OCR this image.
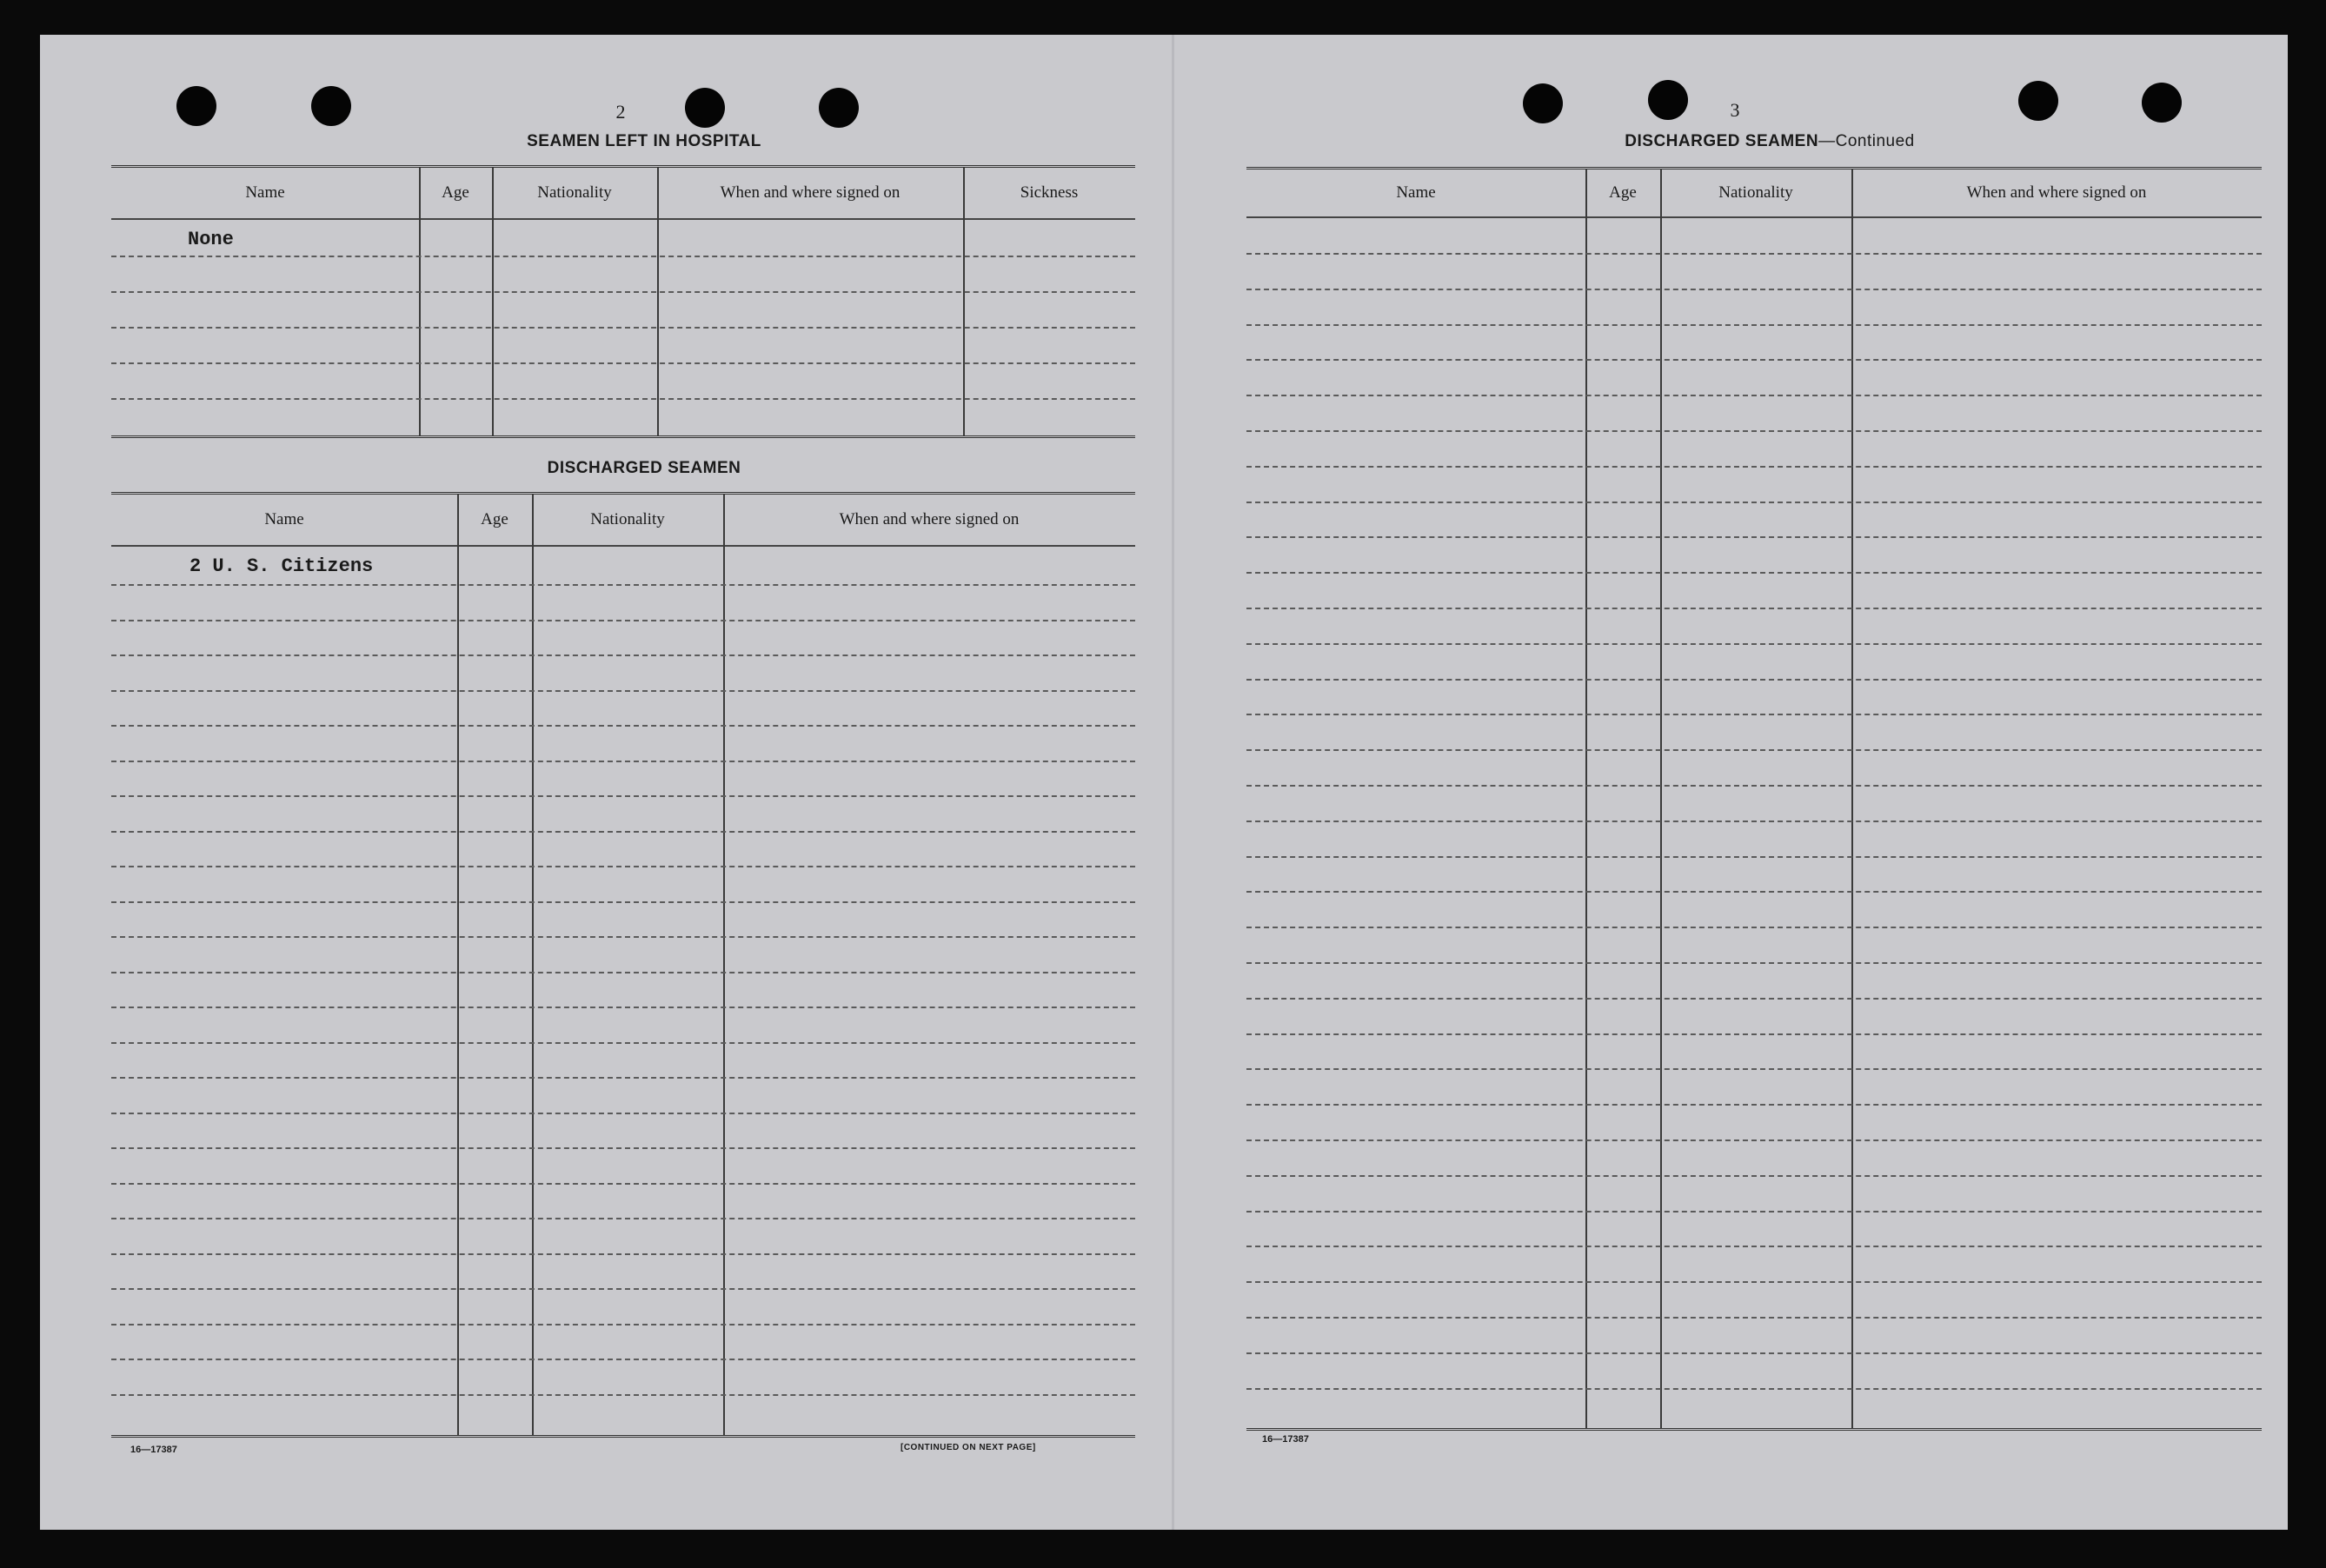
2
SEAMEN LEFT IN HOSPITAL
Name	Age	Nationality	When and where signed on	Sickness
None
DISCHARGED SEAMEN
Name	Age	Nationality	When and where signed on
2 U. S. Citizens
16—17387	[CONTINUED ON NEXT PAGE]
3
DISCHARGED SEAMEN—Continued
Name	Age	Nationality	When and where signed on
16—17387
